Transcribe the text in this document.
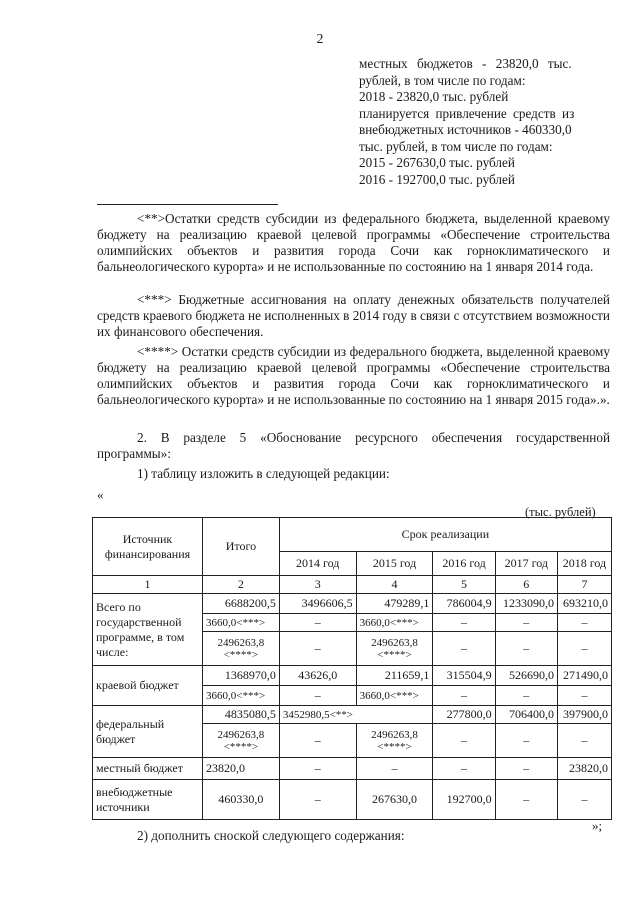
2
местных бюджетов - 23820,0 тыс.
рублей, в том числе по годам:
2018 - 23820,0 тыс. рублей
планируется привлечение средств из
внебюджетных источников - 460330,0
тыс. рублей, в том числе по годам:
2015 - 267630,0 тыс. рублей
2016 - 192700,0 тыс. рублей
<**>Остатки средств субсидии из федерального бюджета, выделенной краевому бюджету на реализацию краевой целевой программы «Обеспечение строительства олимпийских объектов и развития города Сочи как горноклиматического и бальнеологического курорта» и не использованные по состоянию на 1 января 2014 года.
<***> Бюджетные ассигнования на оплату денежных обязательств получателей средств краевого бюджета не исполненных в 2014 году в связи с отсутствием возможности их финансового обеспечения.
<****> Остатки средств субсидии из федерального бюджета, выделенной краевому бюджету на реализацию краевой целевой программы «Обеспечение строительства олимпийских объектов и развития города Сочи как горноклиматического и бальнеологического курорта» и не использованные по состоянию на 1 января 2015 года».».
2. В разделе 5 «Обоснование ресурсного обеспечения государственной программы»:
1) таблицу изложить в следующей редакции:
«
(тыс. рублей)
Источник финансирования	Итого	Срок реализации				
		2014 год	2015 год	2016 год	2017 год	2018 год
1	2	3	4	5	6	7
Всего по государственной программе, в том числе:	6688200,5	3496606,5	479289,1	786004,9	1233090,0	693210,0
	3660,0<***>	–	3660,0<***>	–	–	–
	2496263,8 <****>	–	2496263,8 <****>	–	–	–
краевой бюджет	1368970,0	43626,0	211659,1	315504,9	526690,0	271490,0
	3660,0<***>	–	3660,0<***>	–	–	–
федеральный бюджет	4835080,5	3452980,5<**>		277800,0	706400,0	397900,0
	2496263,8 <****>	–	2496263,8 <****>	–	–	–
местный бюджет	23820,0	–	–	–	–	23820,0
внебюджетные источники	460330,0	–	267630,0	192700,0	–	–
»;
2) дополнить сноской следующего содержания:
